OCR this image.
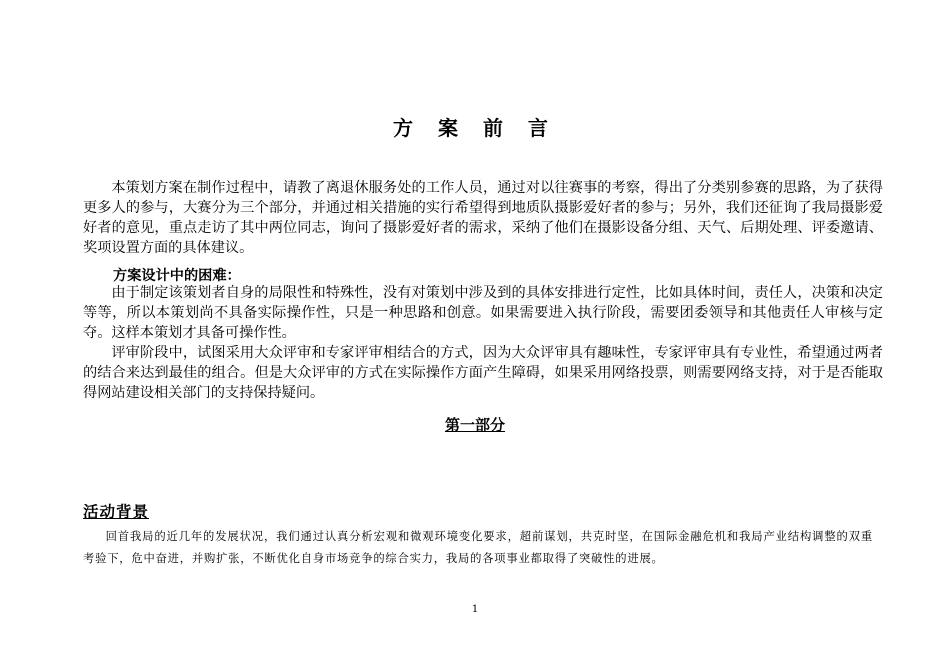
方 案 前 言

本策划方案在制作过程中，请教了离退休服务处的工作人员，通过对以往赛事的考察，得出了分类别参赛的思路，为了获得更多人的参与，大赛分为三个部分，并通过相关措施的实行希望得到地质队摄影爱好者的参与；另外，我们还征询了我局摄影爱好者的意见，重点走访了其中两位同志，询问了摄影爱好者的需求，采纳了他们在摄影设备分组、天气、后期处理、评委邀请、奖项设置方面的具体建议。

方案设计中的困难：

由于制定该策划者自身的局限性和特殊性，没有对策划中涉及到的具体安排进行定性，比如具体时间，责任人，决策和决定等等，所以本策划尚不具备实际操作性，只是一种思路和创意。如果需要进入执行阶段，需要团委领导和其他责任人审核与定夺。这样本策划才具备可操作性。

评审阶段中，试图采用大众评审和专家评审相结合的方式，因为大众评审具有趣味性，专家评审具有专业性，希望通过两者的结合来达到最佳的组合。但是大众评审的方式在实际操作方面产生障碍，如果采用网络投票，则需要网络支持，对于是否能取得网站建设相关部门的支持保持疑问。

第一部分
活动背景

回首我局的近几年的发展状况，我们通过认真分析宏观和微观环境变化要求，超前谋划，共克时坚，在国际金融危机和我局产业结构调整的双重考验下，危中奋进，并购扩张，不断优化自身市场竞争的综合实力，我局的各项事业都取得了突破性的进展。

1
